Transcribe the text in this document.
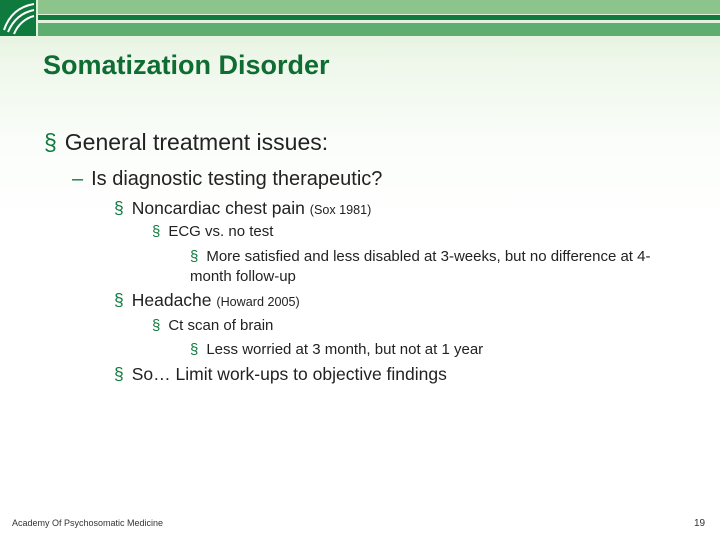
Somatization Disorder
§ General treatment issues:
– Is diagnostic testing therapeutic?
§ Noncardiac chest pain (Sox 1981)
§ ECG vs. no test
§ More satisfied and less disabled at 3-weeks, but no difference at 4-month follow-up
§ Headache (Howard 2005)
§ Ct scan of brain
§ Less worried at 3 month, but not at 1 year
§ So… Limit work-ups to objective findings
Academy Of Psychosomatic Medicine	19
